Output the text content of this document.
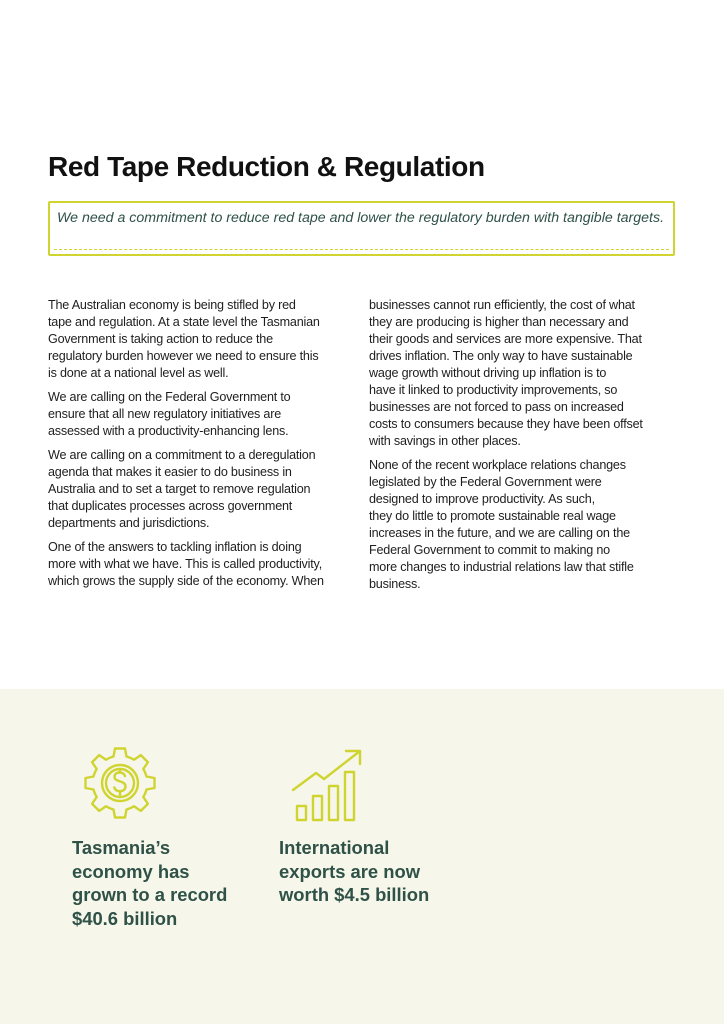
Red Tape Reduction & Regulation
We need a commitment to reduce red tape and lower the regulatory burden with tangible targets.

The Australian economy is being stifled by red
tape and regulation. At a state level the Tasmanian
Government is taking action to reduce the
regulatory burden however we need to ensure this
is done at a national level as well.

We are calling on the Federal Government to
ensure that all new regulatory initiatives are
assessed with a productivity-enhancing lens.

We are calling on a commitment to a deregulation
agenda that makes it easier to do business in
Australia and to set a target to remove regulation
that duplicates processes across government
departments and jurisdictions.

One of the answers to tackling inflation is doing
more with what we have. This is called productivity,
which grows the supply side of the economy. When

businesses cannot run efficiently, the cost of what
they are producing is higher than necessary and
their goods and services are more expensive. That
drives inflation. The only way to have sustainable
wage growth without driving up inflation is to
have it linked to productivity improvements, so
businesses are not forced to pass on increased
costs to consumers because they have been offset
with savings in other places.

None of the recent workplace relations changes
legislated by the Federal Government were
designed to improve productivity. As such,
they do little to promote sustainable real wage
increases in the future, and we are calling on the
Federal Government to commit to making no
more changes to industrial relations law that stifle
business.

Tasmania’s
economy has
grown to a record
$40.6 billion
International
exports are now
worth $4.5 billion
